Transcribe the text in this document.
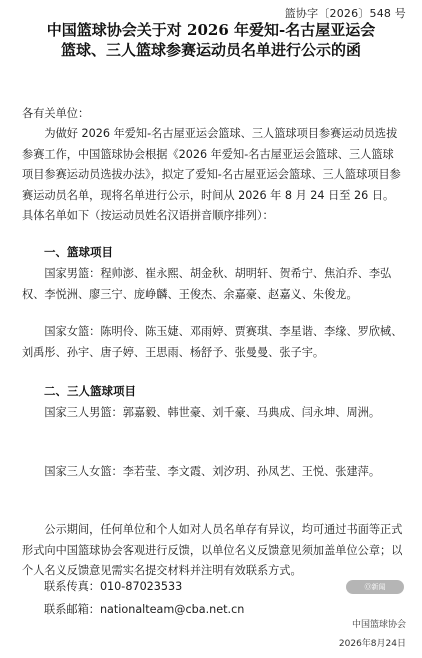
篮协字〔2026〕548 号
中国篮球协会关于对 2026 年爱知-名古屋亚运会
篮球、三人篮球参赛运动员名单进行公示的函
各有关单位：

为做好 2026 年爱知-名古屋亚运会篮球、三人篮球项目参赛运动员选拔参赛工作，中国篮球协会根据《2026 年爱知-名古屋亚运会篮球、三人篮球项目参赛运动员选拔办法》，拟定了爱知-名古屋亚运会篮球、三人篮球项目参赛运动员名单，现将名单进行公示，时间从 2026 年 8 月 24 日至 26 日。具体名单如下（按运动员姓名汉语拼音顺序排列）：

一、篮球项目

国家男篮：程帅澎、崔永熙、胡金秋、胡明轩、贺希宁、焦泊乔、李弘权、李悦洲、廖三宁、庞峥麟、王俊杰、余嘉豪、赵嘉义、朱俊龙。

国家女篮：陈明伶、陈玉婕、邓雨婷、贾赛琪、李星谐、李缘、罗欣棫、刘禹彤、孙宇、唐子婷、王思雨、杨舒予、张曼曼、张子宇。

二、三人篮球项目

国家三人男篮：郭嘉毅、韩世豪、刘千豪、马典成、闫永坤、周洲。

国家三人女篮：李若莹、李文霞、刘汐玥、孙凤艺、王悦、张建萍。

公示期间，任何单位和个人如对人员名单存有异议，均可通过书面等正式形式向中国篮球协会客观进行反馈，以单位名义反馈意见须加盖单位公章；以个人名义反馈意见需实名提交材料并注明有效联系方式。

联系传真：010-87023533
联系邮箱：nationalteam@cba.net.cn
Ⓞ新闻
中国篮球协会
2026年8月24日
